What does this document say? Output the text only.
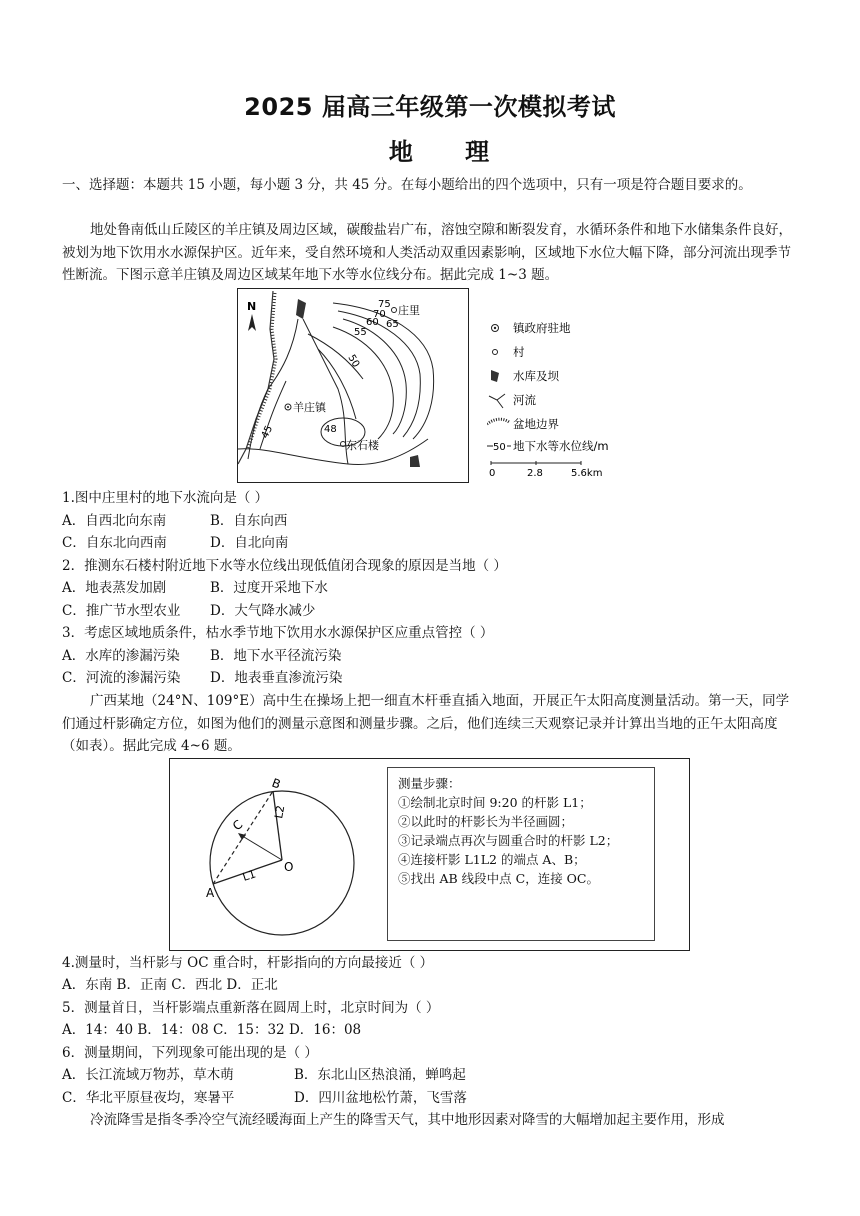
2025 届高三年级第一次模拟考试
地 理
一、选择题：本题共 15 小题，每小题 3 分，共 45 分。在每小题给出的四个选项中，只有一项是符合题目要求的。
地处鲁南低山丘陵区的羊庄镇及周边区域，碳酸盐岩广布，溶蚀空隙和断裂发育，水循环条件和地下水储集条件良好，被划为地下饮用水水源保护区。近年来，受自然环境和人类活动双重因素影响，区域地下水位大幅下降，部分河流出现季节性断流。下图示意羊庄镇及周边区域某年地下水等水位线分布。据此完成 1~3 题。
N	75
70
65
60
55
50
48
45
庄里
羊庄镇
东石楼
镇政府驻地
村
水库及坝
河流
盆地边界
50 地下水等水位线/m
0	2.8	5.6km
1.图中庄里村的地下水流向是（ ）
A．自西北向东南	B．自东向西
C．自东北向西南	D．自北向南
2．推测东石楼村附近地下水等水位线出现低值闭合现象的原因是当地（ ）
A．地表蒸发加剧	B．过度开采地下水
C．推广节水型农业 D．大气降水减少
3．考虑区域地质条件，枯水季节地下饮用水水源保护区应重点管控（ ）
A．水库的渗漏污染 B．地下水平径流污染
C．河流的渗漏污染 D．地表垂直渗流污染
广西某地（24°N、109°E）高中生在操场上把一细直木杆垂直插入地面，开展正午太阳高度测量活动。第一天，同学们通过杆影确定方位，如图为他们的测量示意图和测量步骤。之后，他们连续三天观察记录并计算出当地的正午太阳高度（如表）。据此完成 4~6 题。
A
B
C
O
L1
L2
测量步骤：
①绘制北京时间 9:20 的杆影 L1；
②以此时的杆影长为半径画圆；
③记录端点再次与圆重合时的杆影 L2；
④连接杆影 L1L2 的端点 A、B；
⑤找出 AB 线段中点 C，连接 OC。
4.测量时，当杆影与 OC 重合时，杆影指向的方向最接近（ ）
A．东南 B．正南 C．西北 D．正北
5．测量首日，当杆影端点重新落在圆周上时，北京时间为（ ）
A．14：40 B．14：08 C．15：32 D．16：08
6．测量期间，下列现象可能出现的是（ ）
A．长江流域万物苏，草木萌	B．东北山区热浪涌，蝉鸣起
C．华北平原昼夜均，寒暑平	D．四川盆地松竹萧，飞雪落
冷流降雪是指冬季冷空气流经暖海面上产生的降雪天气，其中地形因素对降雪的大幅增加起主要作用，形成
